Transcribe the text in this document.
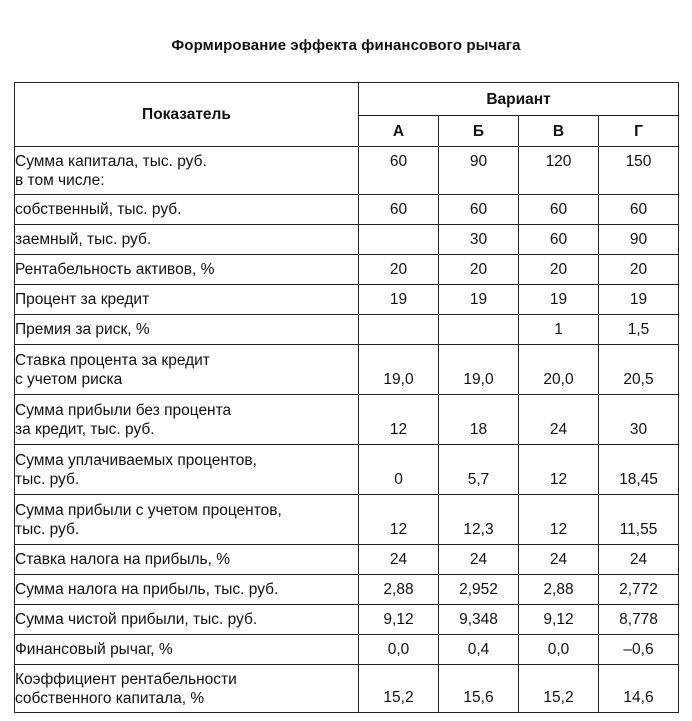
Формирование эффекта финансового рычага
Показатель	Вариант			
	А	Б	В	Г
Сумма капитала, тыс. руб.
в том числе:	60	90	120	150
собственный, тыс. руб.	60	60	60	60
заемный, тыс. руб.		30	60	90
Рентабельность активов, %	20	20	20	20
Процент за кредит	19	19	19	19
Премия за риск, %			1	1,5
Ставка процента за кредит
с учетом риска	19,0	19,0	20,0	20,5
Сумма прибыли без процента
за кредит, тыс. руб.	12	18	24	30
Сумма уплачиваемых процентов,
тыс. руб.	0	5,7	12	18,45
Сумма прибыли с учетом процентов,
тыс. руб.	12	12,3	12	11,55
Ставка налога на прибыль, %	24	24	24	24
Сумма налога на прибыль, тыс. руб.	2,88	2,952	2,88	2,772
Сумма чистой прибыли, тыс. руб.	9,12	9,348	9,12	8,778
Финансовый рычаг, %	0,0	0,4	0,0	–0,6
Коэффициент рентабельности
собственного капитала, %	15,2	15,6	15,2	14,6
